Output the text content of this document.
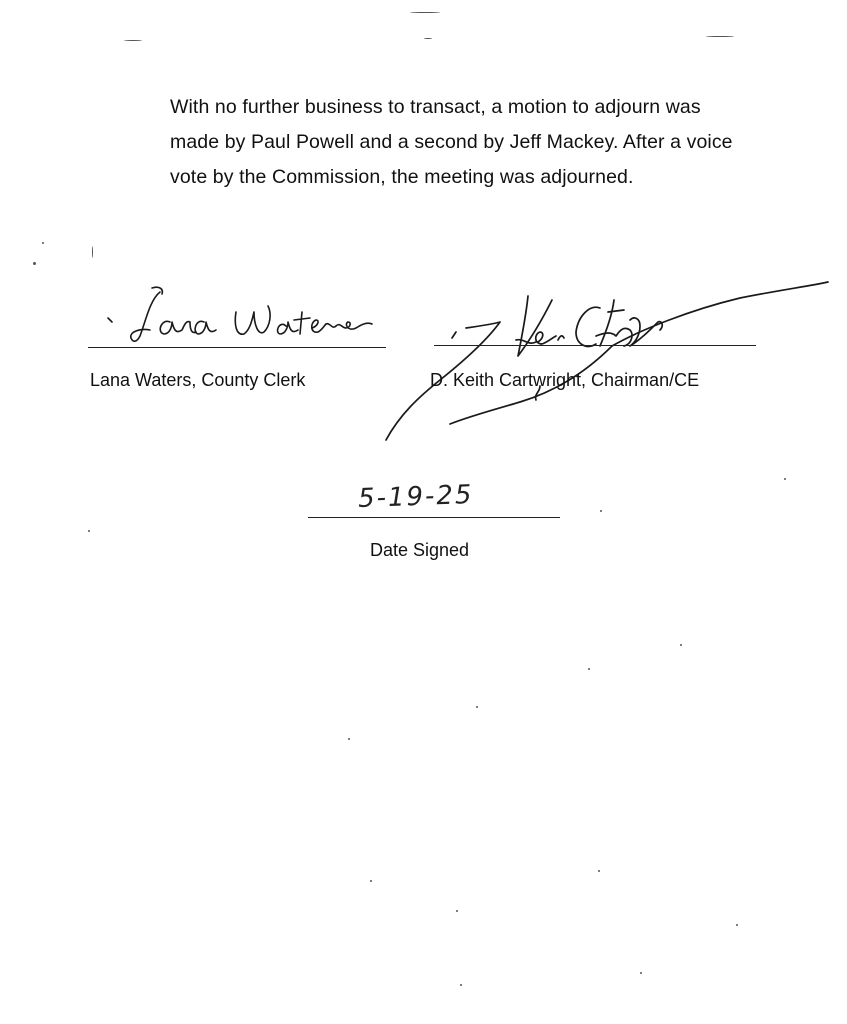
With no further business to transact, a motion to adjourn was
made by Paul Powell and a second by Jeff Mackey. After a voice
vote by the Commission, the meeting was adjourned.
Lana Waters, County Clerk	D. Keith Cartwright, Chairman/CE
5-19-25
Date Signed
